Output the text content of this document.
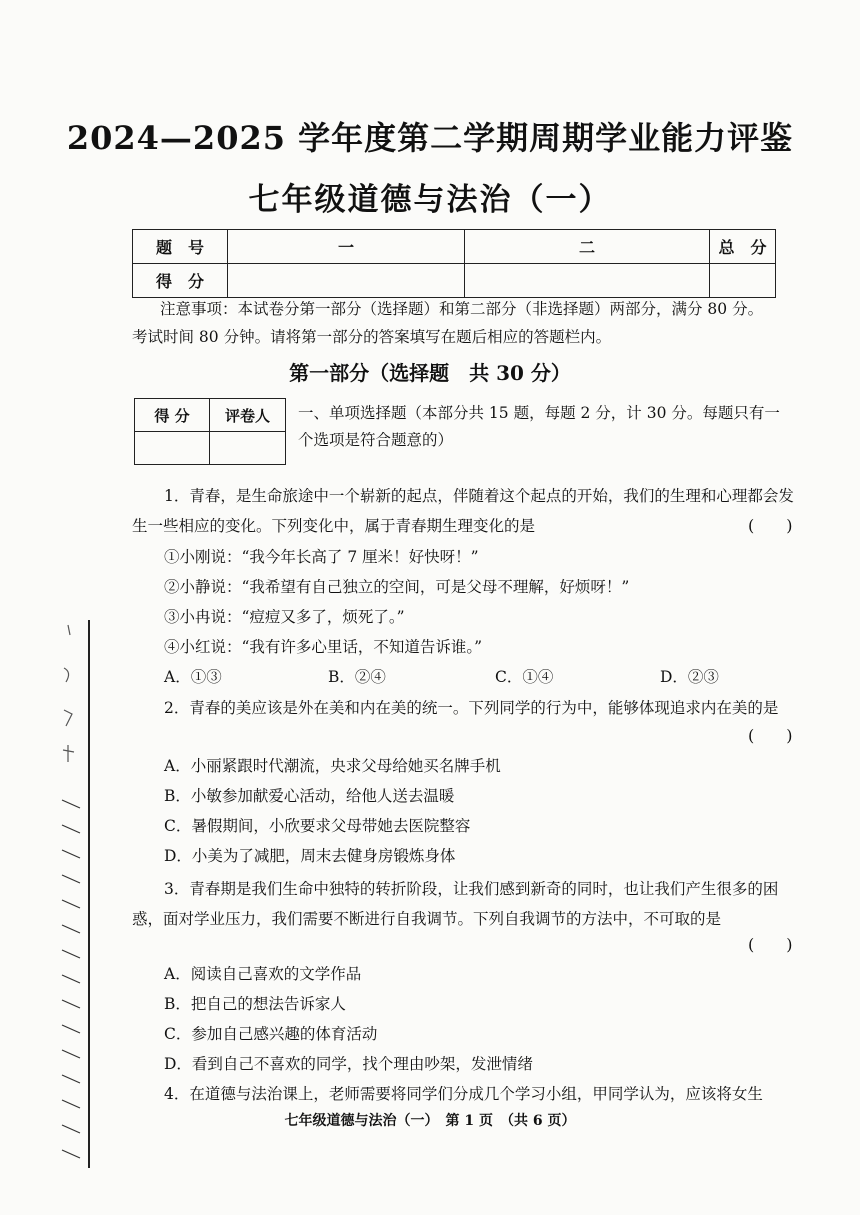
2024—2025 学年度第二学期周期学业能力评鉴
七年级道德与法治（一）
题　号	一	二	总　分
得　分			
注意事项：本试卷分第一部分（选择题）和第二部分（非选择题）两部分，满分 80 分。
考试时间 80 分钟。请将第一部分的答案填写在题后相应的答题栏内。
第一部分（选择题　共 30 分）
得 分	评卷人
	一、单项选择题（本部分共 15 题，每题 2 分，计 30 分。每题只有一
个选项是符合题意的）
1．青春，是生命旅途中一个崭新的起点，伴随着这个起点的开始，我们的生理和心理都会发生一些相应的变化。下列变化中，属于青春期生理变化的是	(　　)
①小刚说：“我今年长高了 7 厘米！好快呀！”
②小静说：“我希望有自己独立的空间，可是父母不理解，好烦呀！”
③小冉说：“痘痘又多了，烦死了。”
④小红说：“我有许多心里话，不知道告诉谁。”
A．①③	B．②④	C．①④	D．②③
2．青春的美应该是外在美和内在美的统一。下列同学的行为中，能够体现追求内在美的是
(　　)
A．小丽紧跟时代潮流，央求父母给她买名牌手机
B．小敏参加献爱心活动，给他人送去温暖
C．暑假期间，小欣要求父母带她去医院整容
D．小美为了减肥，周末去健身房锻炼身体
3．青春期是我们生命中独特的转折阶段，让我们感到新奇的同时，也让我们产生很多的困惑，面对学业压力，我们需要不断进行自我调节。下列自我调节的方法中，不可取的是
(　　)
A．阅读自己喜欢的文学作品
B．把自己的想法告诉家人
C．参加自己感兴趣的体育活动
D．看到自己不喜欢的同学，找个理由吵架，发泄情绪
4．在道德与法治课上，老师需要将同学们分成几个学习小组，甲同学认为，应该将女生
七年级道德与法治（一）　第 1 页　（共 6 页）
